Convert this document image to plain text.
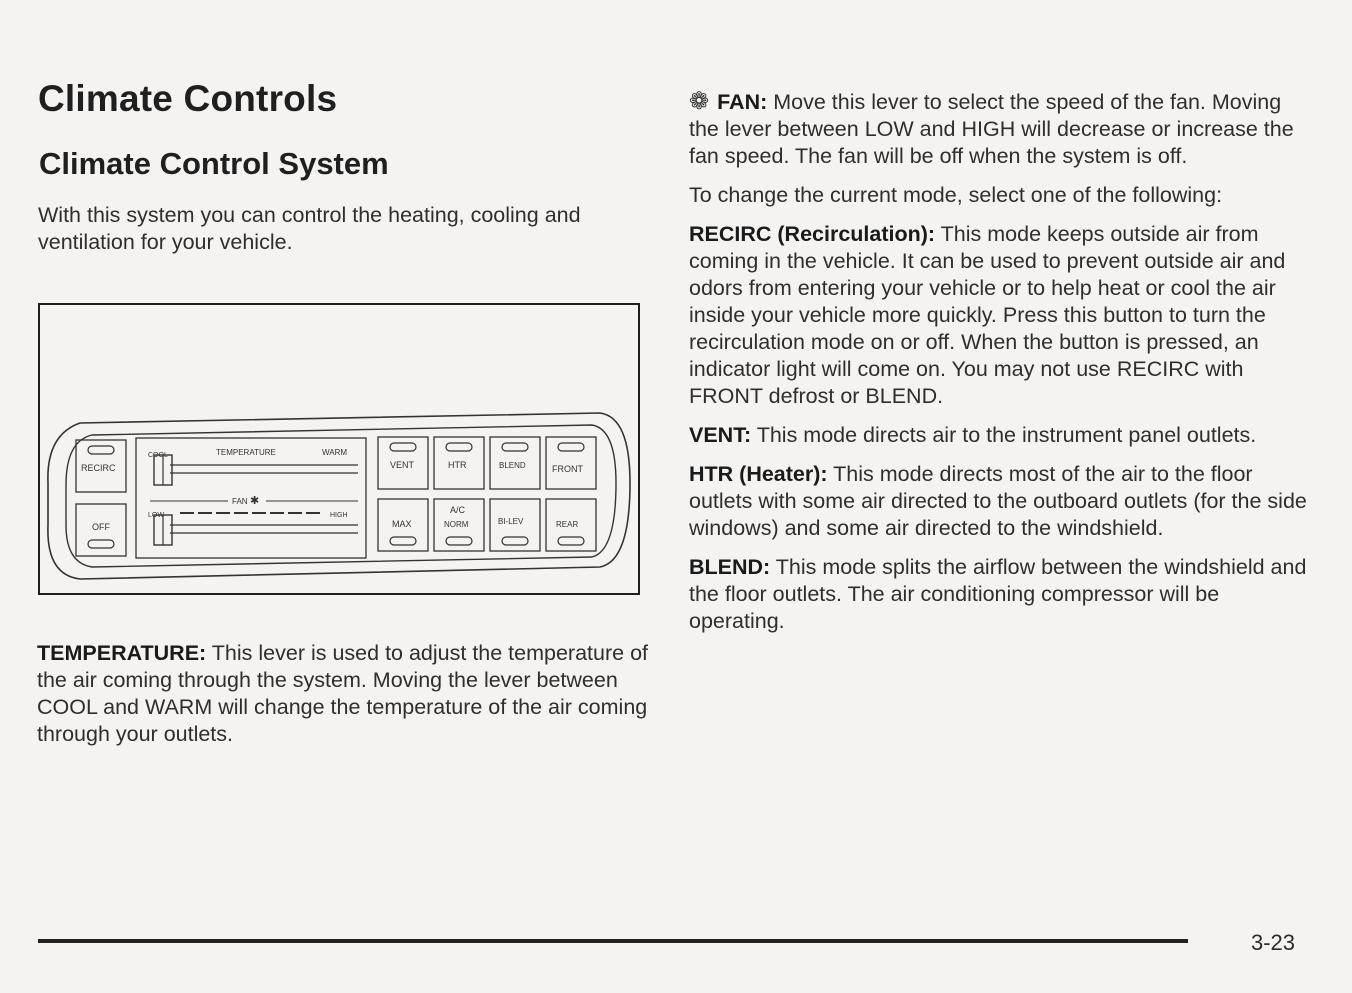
Climate Controls
Climate Control System

With this system you can control the heating, cooling and ventilation for your vehicle.

RECIRC
OFF
COOL	TEMPERATURE	WARM
FAN ✱
LOW	HIGH
VENT	HTR	BLEND	FRONT
MAX
A/C
NORM	BI-LEV	REAR

TEMPERATURE: This lever is used to adjust the temperature of the air coming through the system. Moving the lever between COOL and WARM will change the temperature of the air coming through your outlets.

❁ FAN: Move this lever to select the speed of the fan. Moving the lever between LOW and HIGH will decrease or increase the fan speed. The fan will be off when the system is off.

To change the current mode, select one of the following:

RECIRC (Recirculation): This mode keeps outside air from coming in the vehicle. It can be used to prevent outside air and odors from entering your vehicle or to help heat or cool the air inside your vehicle more quickly. Press this button to turn the recirculation mode on or off. When the button is pressed, an indicator light will come on. You may not use RECIRC with FRONT defrost or BLEND.

VENT: This mode directs air to the instrument panel outlets.

HTR (Heater): This mode directs most of the air to the floor outlets with some air directed to the outboard outlets (for the side windows) and some air directed to the windshield.

BLEND: This mode splits the airflow between the windshield and the floor outlets. The air conditioning compressor will be operating.

3-23
